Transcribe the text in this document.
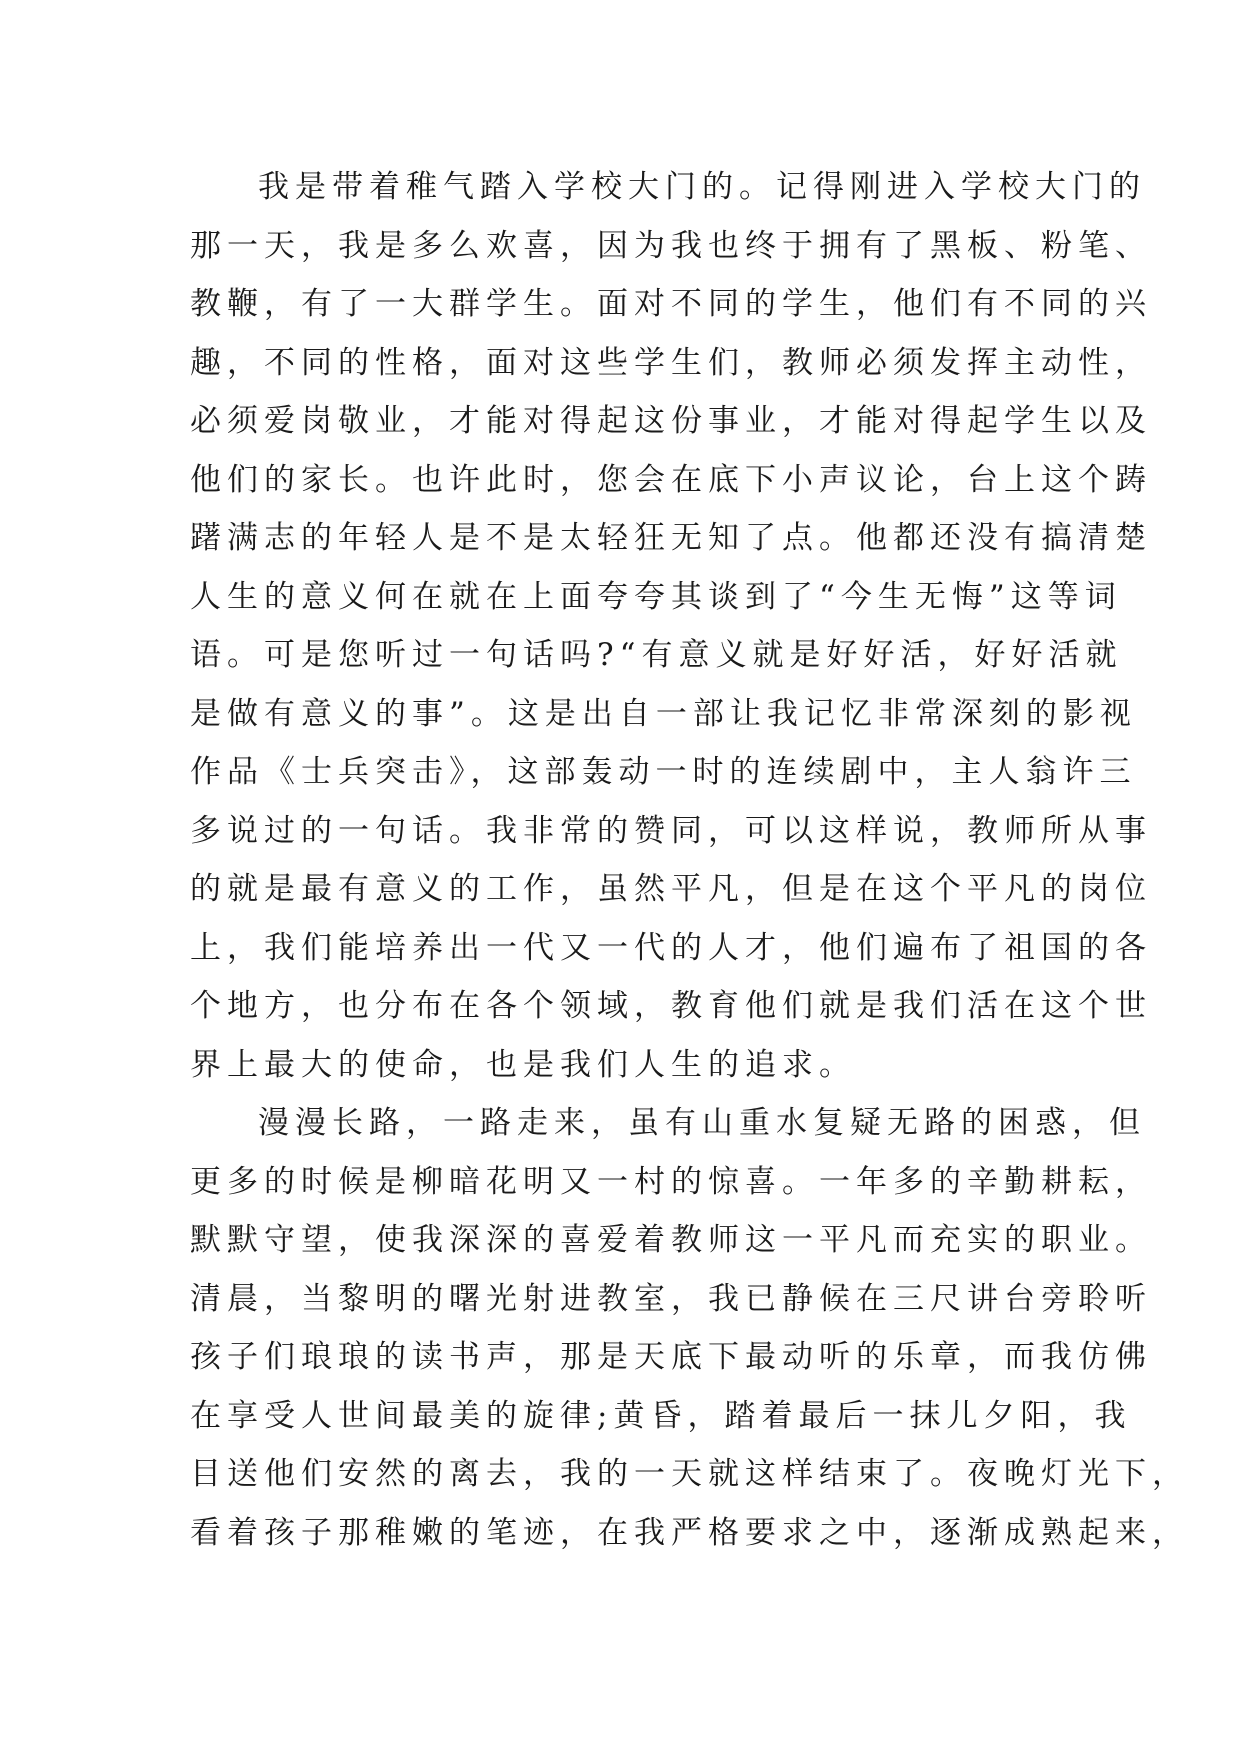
我是带着稚气踏入学校大门的。记得刚进入学校大门的
那一天，我是多么欢喜，因为我也终于拥有了黑板、粉笔、
教鞭，有了一大群学生。面对不同的学生，他们有不同的兴
趣，不同的性格，面对这些学生们，教师必须发挥主动性，
必须爱岗敬业，才能对得起这份事业，才能对得起学生以及
他们的家长。也许此时，您会在底下小声议论，台上这个踌
躇满志的年轻人是不是太轻狂无知了点。他都还没有搞清楚
人生的意义何在就在上面夸夸其谈到了“今生无悔”这等词
语。可是您听过一句话吗?“有意义就是好好活，好好活就
是做有意义的事”。这是出自一部让我记忆非常深刻的影视
作品《士兵突击》，这部轰动一时的连续剧中，主人翁许三
多说过的一句话。我非常的赞同，可以这样说，教师所从事
的就是最有意义的工作，虽然平凡，但是在这个平凡的岗位
上，我们能培养出一代又一代的人才，他们遍布了祖国的各
个地方，也分布在各个领域，教育他们就是我们活在这个世
界上最大的使命，也是我们人生的追求。
漫漫长路，一路走来，虽有山重水复疑无路的困惑，但
更多的时候是柳暗花明又一村的惊喜。一年多的辛勤耕耘，
默默守望，使我深深的喜爱着教师这一平凡而充实的职业。
清晨，当黎明的曙光射进教室，我已静候在三尺讲台旁聆听
孩子们琅琅的读书声，那是天底下最动听的乐章，而我仿佛
在享受人世间最美的旋律;黄昏，踏着最后一抹儿夕阳，我
目送他们安然的离去，我的一天就这样结束了。夜晚灯光下，
看着孩子那稚嫩的笔迹，在我严格要求之中，逐渐成熟起来，
